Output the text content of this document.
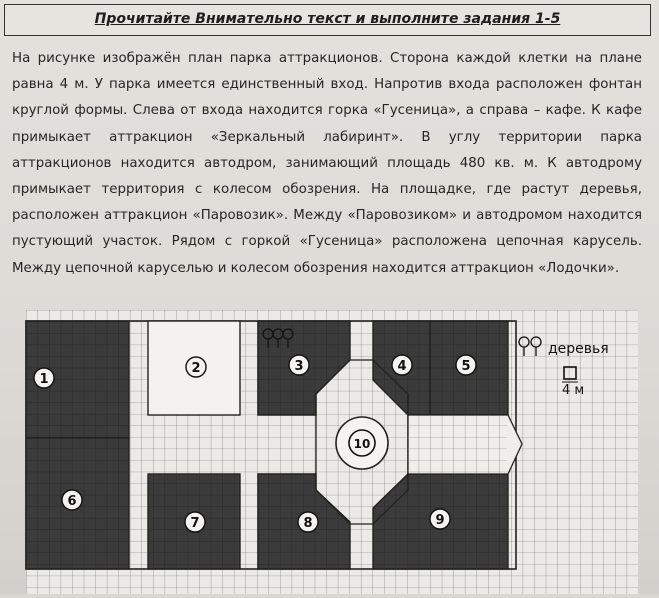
Прочитайте Внимательно текст и выполните задания 1-5

На рисунке изображён план парка аттракционов. Сторона каждой клетки на плане равна 4 м. У парка имеется единственный вход. Напротив входа расположен фонтан круглой формы. Слева от входа находится горка «Гусеница», а справа – кафе. К кафе примыкает аттракцион «Зеркальный лабиринт». В углу территории парка аттракционов находится автодром, занимающий площадь 480 кв. м. К автодрому примыкает территория с колесом обозрения. На площадке, где растут деревья, расположен аттракцион «Паровозик». Между «Паровозиком» и автодромом находится пустующий участок. Рядом с горкой «Гусеница» расположена цепочная карусель. Между цепочной каруселью и колесом обозрения находится аттракцион «Лодочки».

1
2	3	4	5
6
7	8	9
10
деревья
4 м
